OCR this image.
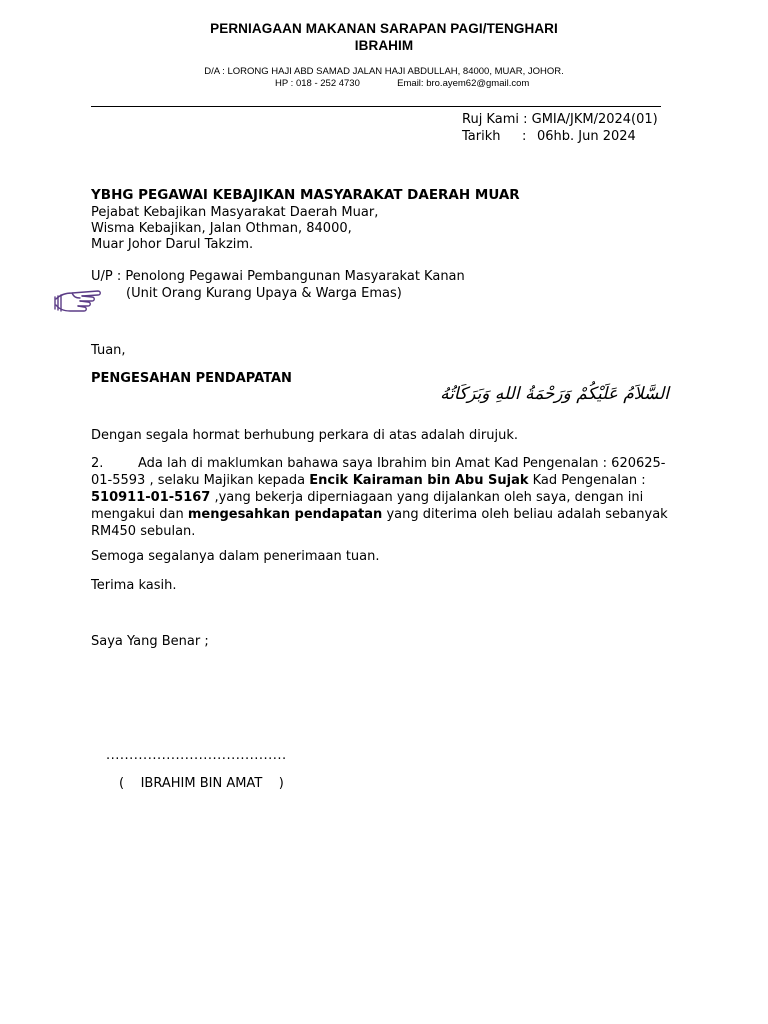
PERNIAGAAN MAKANAN SARAPAN PAGI/TENGHARI
IBRAHIM
D/A : LORONG HAJI ABD SAMAD JALAN HAJI ABDULLAH, 84000, MUAR, JOHOR.
HP : 018 - 252 4730	Email: bro.ayem62@gmail.com
Ruj Kami : GMIA/JKM/2024(01)
Tarikh : 06hb. Jun 2024
YBHG PEGAWAI KEBAJIKAN MASYARAKAT DAERAH MUAR
Pejabat Kebajikan Masyarakat Daerah Muar,
Wisma Kebajikan, Jalan Othman, 84000,
Muar Johor Darul Takzim.
U/P : Penolong Pegawai Pembangunan Masyarakat Kanan
(Unit Orang Kurang Upaya & Warga Emas)
Tuan,
PENGESAHAN PENDAPATAN
السَّلاَمُ عَلَيْكُمْ وَرَحْمَةُ اللهِ وَبَرَكَاتُهُ

Dengan segala hormat berhubung perkara di atas adalah dirujuk.

2.	Ada lah di maklumkan bahawa saya Ibrahim bin Amat Kad Pengenalan : 620625-01-5593 , selaku Majikan kepada Encik Kairaman bin Abu Sujak Kad Pengenalan : 510911-01-5167 ,yang bekerja diperniagaan yang dijalankan oleh saya, dengan ini mengakui dan mengesahkan pendapatan yang diterima oleh beliau adalah sebanyak RM450 sebulan.

Semoga segalanya dalam penerimaan tuan.

Terima kasih.

Saya Yang Benar ;
.......................................
(    IBRAHIM BIN AMAT    )
